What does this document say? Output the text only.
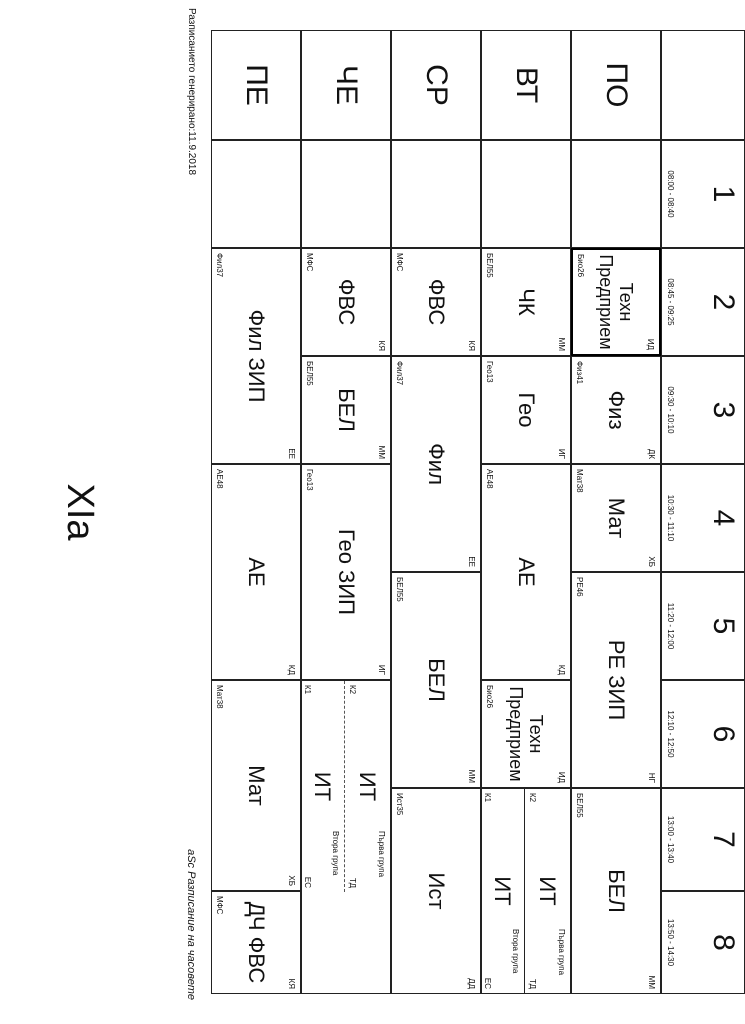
1
08:00 - 08:40
2
08:45 - 09:25
3
09:30 - 10:10
4
10:30 - 11:10
5
11:20 - 12:00
6
12:10 - 12:50
7
13:00 - 13:40
8
13:50 - 14:30
ПО
ВТ
СР
ЧЕ
ПЕ
Техн
Предприем	ИД
Био26
Физ
ДК
Физ41
Мат
ХБ
Мат38
РЕ ЗИП
НГ
РЕ46
БЕЛ
ММ
БЕЛ55
ЧК
ММ
БЕЛ55
Гео
ИГ
Гео13
АЕ
КД
АЕ48
Техн
Предприем	ИД
Био26
Първа група
ИТ
ТД
К2
Втора група
ИТ
ЕС
К1
ФВС
КЯ
МФС
Фил
ЕЕ
Фил37
БЕЛ
ММ
БЕЛ55
Ист
ДД
Ист35
ФВС
КЯ
МФС
БЕЛ
ММ
БЕЛ55
Гео ЗИП
ИГ
Гео13
Първа група
ИТ
ТД
К2
Втора група
ИТ
ЕС
К1
Фил ЗИП
Фил37
ЕЕ
АЕ
КД
АЕ48
Мат
ХБ
Мат38
ДЧ ФВС
КЯ
МФС
Разписанието генерирано:11.9.2018
aSc Разписание на часовете
XIa
